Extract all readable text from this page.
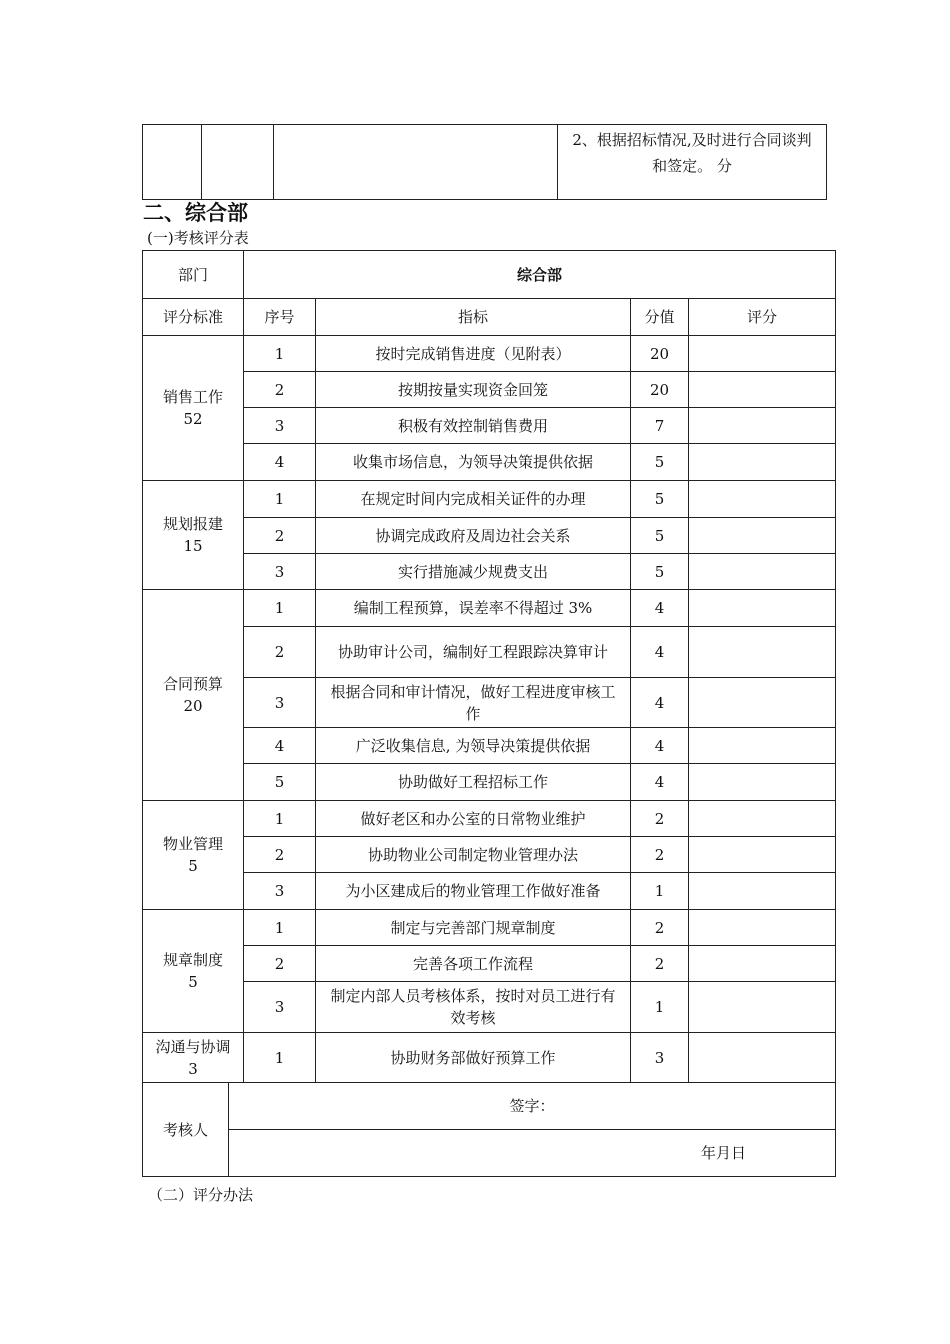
			2、根据招标情况,及时进行合同谈判和签定。 分
二、综合部
(一)考核评分表
部门		综合部			
评分标准		序号	指标	分值	评分

销售工作
52		1	按时完成销售进度（见附表）	20	
		2	按期按量实现资金回笼	20	
		3	积极有效控制销售费用	7	
		4	收集市场信息，为领导决策提供依据	5	

规划报建
15		1	在规定时间内完成相关证件的办理	5	
		2	协调完成政府及周边社会关系	5	
		3	实行措施减少规费支出	5	

合同预算
20		1	编制工程预算，误差率不得超过 3%	4	
		2	协助审计公司，编制好工程跟踪决算审计	4	
		3	根据合同和审计情况，做好工程进度审核工作	4	
		4	广泛收集信息, 为领导决策提供依据	4	
		5	协助做好工程招标工作	4	

物业管理
5		1	做好老区和办公室的日常物业维护	2	
		2	协助物业公司制定物业管理办法	2	
		3	为小区建成后的物业管理工作做好准备	1	

规章制度
5		1	制定与完善部门规章制度	2	
		2	完善各项工作流程	2	
		3	制定内部人员考核体系，按时对员工进行有效考核	1	

沟通与协调
3		1	协助财务部做好预算工作	3	
考核人	签字：				
	年月日				
（二）评分办法
